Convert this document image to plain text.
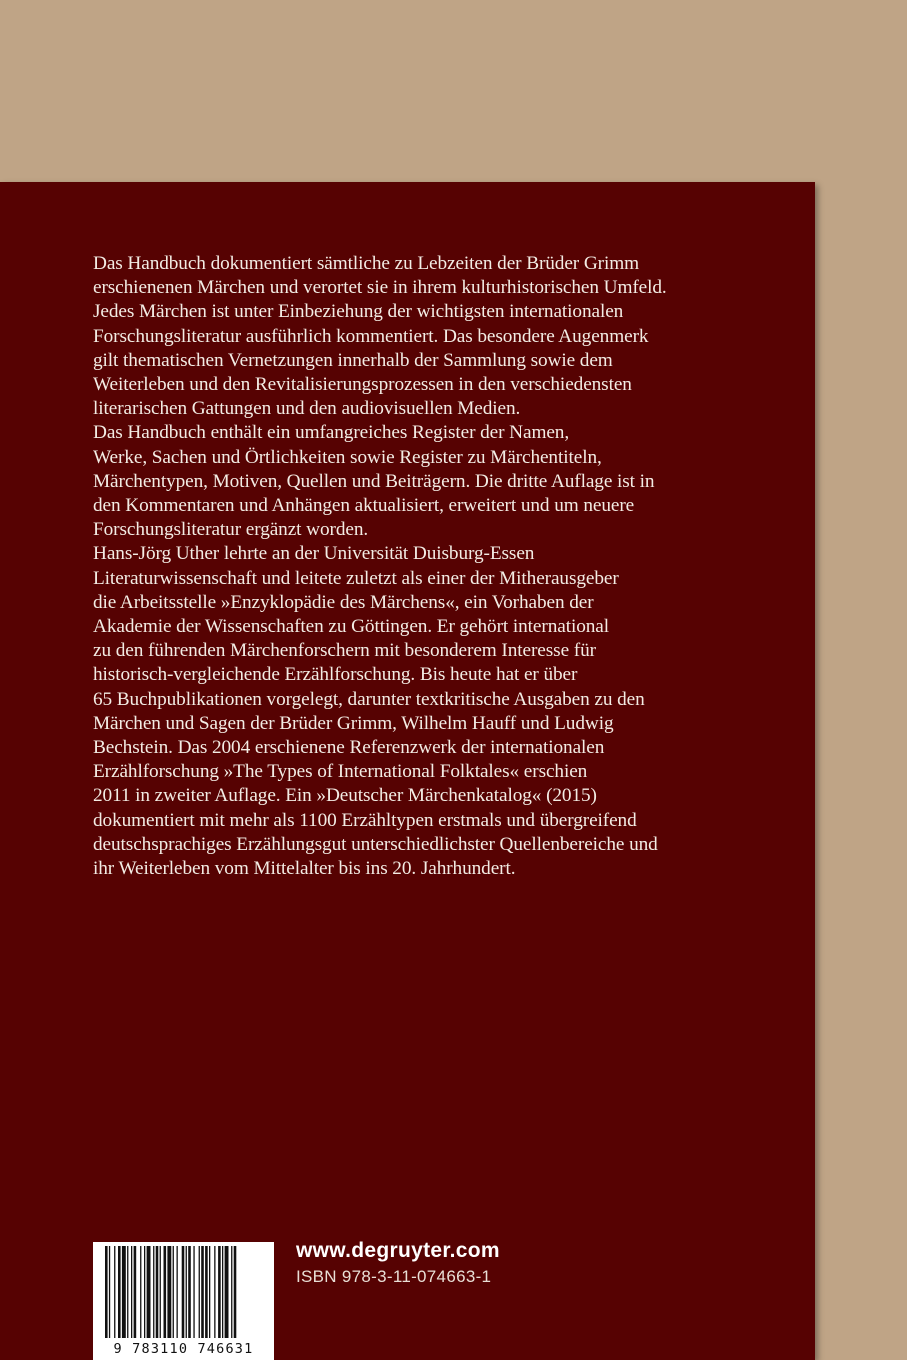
Das Handbuch dokumentiert sämtliche zu Lebzeiten der Brüder Grimm

erschienenen Märchen und verortet sie in ihrem kulturhistorischen Umfeld.

Jedes Märchen ist unter Einbeziehung der wichtigsten internationalen

Forschungsliteratur ausführlich kommentiert. Das besondere Augenmerk

gilt thematischen Vernetzungen innerhalb der Sammlung sowie dem

Weiterleben und den Revitalisierungsprozessen in den verschiedensten

literarischen Gattungen und den audiovisuellen Medien.

Das Handbuch enthält ein umfangreiches Register der Namen,

Werke, Sachen und Örtlichkeiten sowie Register zu Märchentiteln,

Märchentypen, Motiven, Quellen und Beiträgern. Die dritte Auflage ist in

den Kommentaren und Anhängen aktualisiert, erweitert und um neuere

Forschungsliteratur ergänzt worden.

Hans-Jörg Uther lehrte an der Universität Duisburg-Essen

Literaturwissenschaft und leitete zuletzt als einer der Mitherausgeber

die Arbeitsstelle »Enzyklopädie des Märchens«, ein Vorhaben der

Akademie der Wissenschaften zu Göttingen. Er gehört international

zu den führenden Märchenforschern mit besonderem Interesse für

historisch-vergleichende Erzählforschung. Bis heute hat er über

65 Buchpublikationen vorgelegt, darunter textkritische Ausgaben zu den

Märchen und Sagen der Brüder Grimm, Wilhelm Hauff und Ludwig

Bechstein. Das 2004 erschienene Referenzwerk der internationalen

Erzählforschung »The Types of International Folktales« erschien

2011 in zweiter Auflage. Ein »Deutscher Märchenkatalog« (2015)

dokumentiert mit mehr als 1100 Erzähltypen erstmals und übergreifend

deutschsprachiges Erzählungsgut unterschiedlichster Quellenbereiche und

ihr Weiterleben vom Mittelalter bis ins 20. Jahrhundert.

9 783110 746631
www.degruyter.com
ISBN 978-3-11-074663-1
